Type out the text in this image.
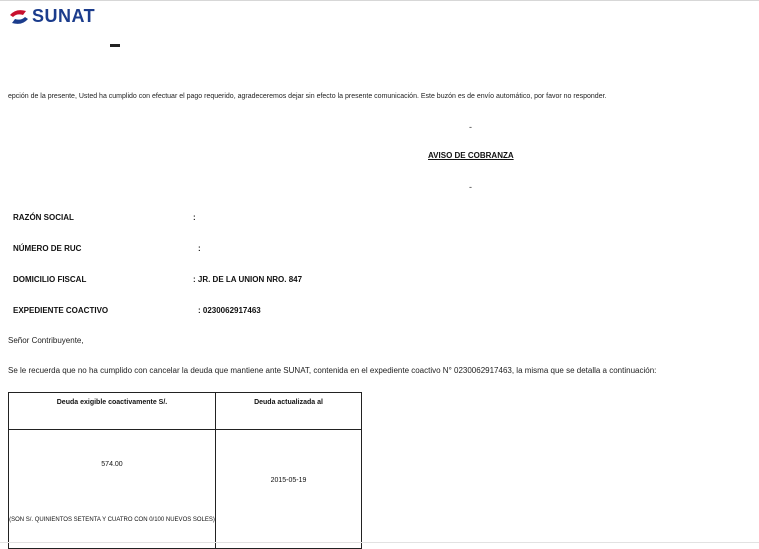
SUNAT
epción de la presente, Usted ha cumplido con efectuar el pago requerido, agradeceremos dejar sin efecto la presente comunicación. Este buzón es de envío automático, por favor no responder.
-
AVISO DE COBRANZA
-
RAZÓN SOCIAL	:
NÚMERO DE RUC	:
DOMICILIO FISCAL	: JR. DE LA UNION NRO. 847
EXPEDIENTE COACTIVO	: 0230062917463
Señor Contribuyente,
Se le recuerda que no ha cumplido con cancelar la deuda que mantiene ante SUNAT, contenida en el expediente coactivo N° 0230062917463, la misma que se detalla a continuación:
Deuda exigible coactivamente S/.	Deuda actualizada al

574.00
(SON S/. QUINIENTOS SETENTA Y CUATRO CON 0/100 NUEVOS SOLES)	2015-05-19
